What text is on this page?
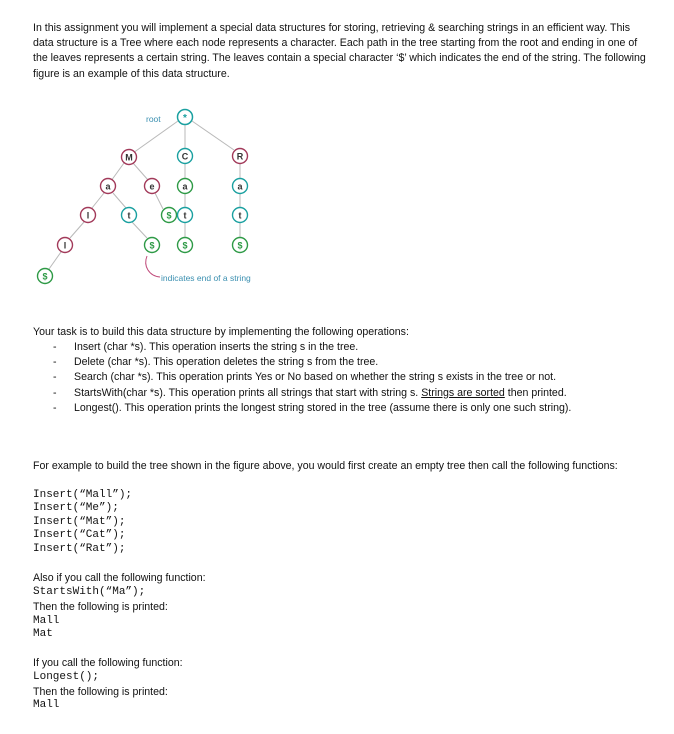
In this assignment you will implement a special data structures for storing, retrieving & searching strings in an efficient way. This data structure is a Tree where each node represents a character. Each path in the tree starting from the root and ending in one of the leaves represents a certain string. The leaves contain a special character ‘$’ which indicates the end of the string. The following figure is an example of this data structure.
root *
M	C	R
a	e	a	a
l	t	$ t	t
l	$	$	$
$	indicates end of a string
Your task is to build this data structure by implementing the following operations:
- Insert (char *s). This operation inserts the string s in the tree.
- Delete (char *s). This operation deletes the string s from the tree.
- Search (char *s). This operation prints Yes or No based on whether the string s exists in the tree or not.
- StartsWith(char *s). This operation prints all strings that start with string s. Strings are sorted then printed.
- Longest(). This operation prints the longest string stored in the tree (assume there is only one such string).
For example to build the tree shown in the figure above, you would first create an empty tree then call the following functions:
Insert(“Mall”);
Insert(“Me”);
Insert(“Mat”);
Insert(“Cat”);
Insert(“Rat”);
Also if you call the following function:
StartsWith(“Ma”);
Then the following is printed:
Mall
Mat
If you call the following function:
Longest();
Then the following is printed:
Mall
